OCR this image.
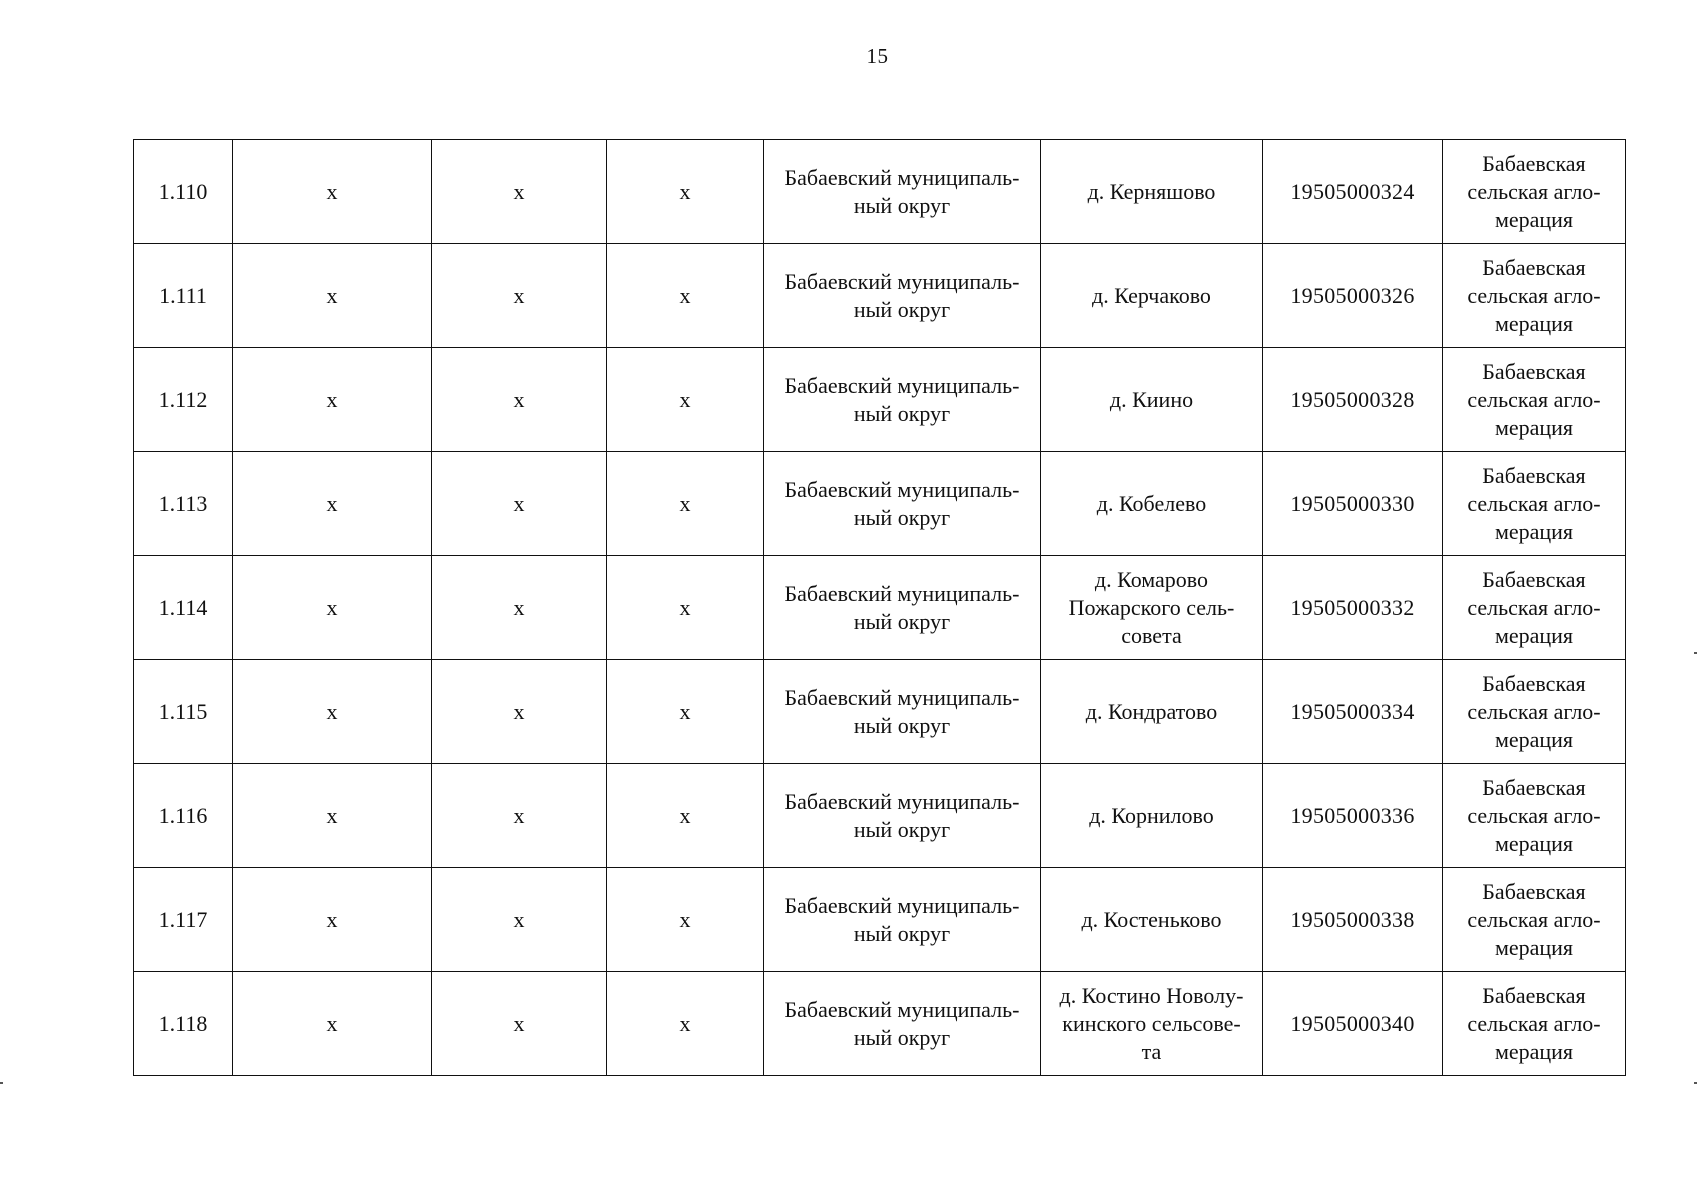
15
1.110	x	x	x	Бабаевский муниципаль-
ный округ	д. Керняшово	19505000324	Бабаевская
сельская агло-
мерация
1.111	x	x	x	Бабаевский муниципаль-
ный округ	д. Керчаково	19505000326	Бабаевская
сельская агло-
мерация
1.112	x	x	x	Бабаевский муниципаль-
ный округ	д. Киино	19505000328	Бабаевская
сельская агло-
мерация
1.113	x	x	x	Бабаевский муниципаль-
ный округ	д. Кобелево	19505000330	Бабаевская
сельская агло-
мерация
1.114	x	x	x	Бабаевский муниципаль-
ный округ	д. Комарово
Пожарского сель-
совета	19505000332	Бабаевская
сельская агло-
мерация
1.115	x	x	x	Бабаевский муниципаль-
ный округ	д. Кондратово	19505000334	Бабаевская
сельская агло-
мерация
1.116	x	x	x	Бабаевский муниципаль-
ный округ	д. Корнилово	19505000336	Бабаевская
сельская агло-
мерация
1.117	x	x	x	Бабаевский муниципаль-
ный округ	д. Костеньково	19505000338	Бабаевская
сельская агло-
мерация
1.118	x	x	x	Бабаевский муниципаль-
ный округ	д. Костино Новолу-
кинского сельсове-
та	19505000340	Бабаевская
сельская агло-
мерация
